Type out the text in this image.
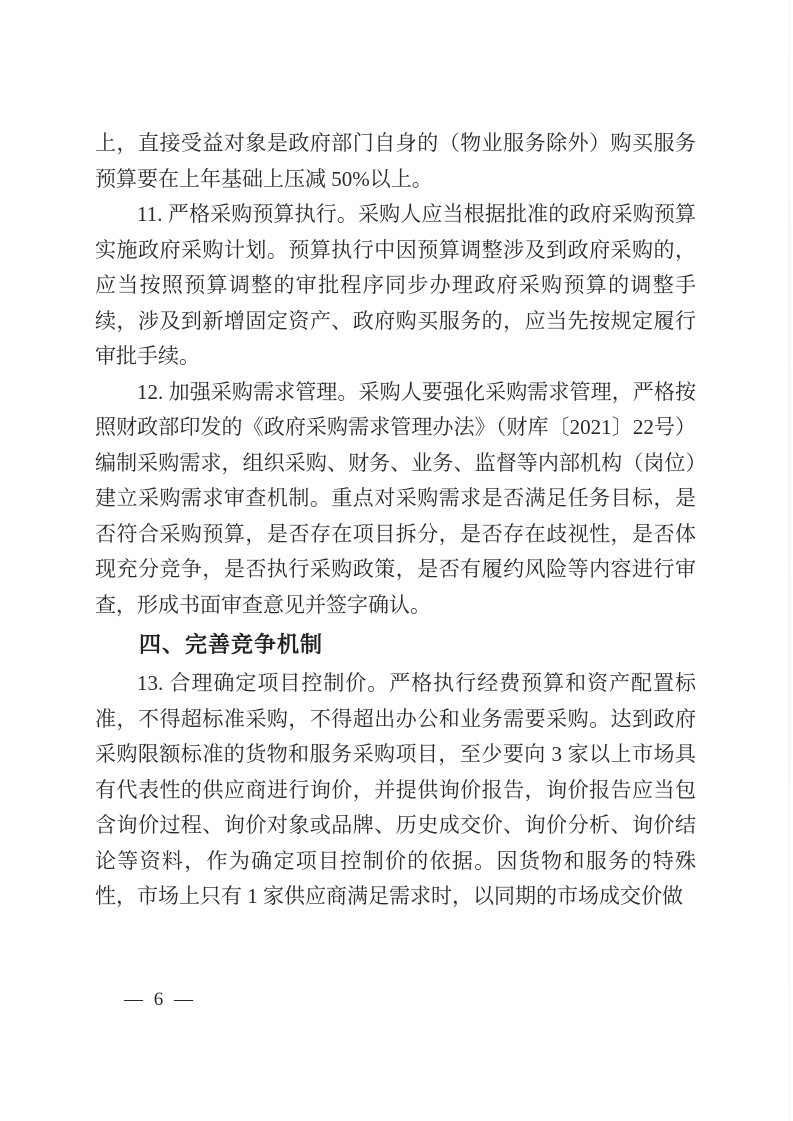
上，直接受益对象是政府部门自身的（物业服务除外）购买服务预算要在上年基础上压减 50%以上。

11. 严格采购预算执行。采购人应当根据批准的政府采购预算实施政府采购计划。预算执行中因预算调整涉及到政府采购的，应当按照预算调整的审批程序同步办理政府采购预算的调整手续，涉及到新增固定资产、政府购买服务的，应当先按规定履行审批手续。

12. 加强采购需求管理。采购人要强化采购需求管理，严格按照财政部印发的《政府采购需求管理办法》（财库〔2021〕22号）编制采购需求，组织采购、财务、业务、监督等内部机构（岗位）建立采购需求审查机制。重点对采购需求是否满足任务目标，是否符合采购预算，是否存在项目拆分，是否存在歧视性，是否体现充分竞争，是否执行采购政策，是否有履约风险等内容进行审查，形成书面审查意见并签字确认。

四、完善竞争机制

13. 合理确定项目控制价。严格执行经费预算和资产配置标准，不得超标准采购，不得超出办公和业务需要采购。达到政府采购限额标准的货物和服务采购项目，至少要向 3 家以上市场具有代表性的供应商进行询价，并提供询价报告，询价报告应当包含询价过程、询价对象或品牌、历史成交价、询价分析、询价结论等资料，作为确定项目控制价的依据。因货物和服务的特殊性，市场上只有 1 家供应商满足需求时，以同期的市场成交价做

— 6 —
